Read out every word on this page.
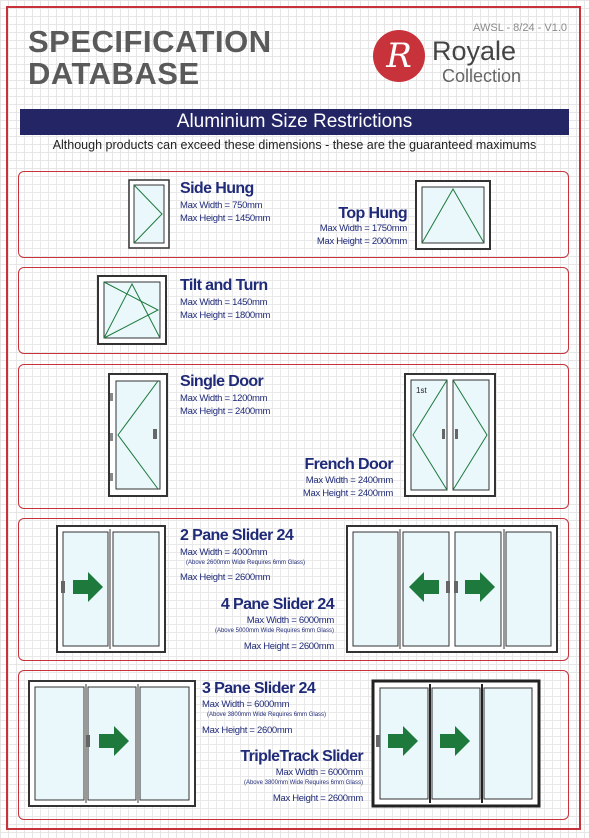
SPECIFICATION
DATABASE
AWSL - 8/24 - V1.0
R Royale
Collection
Aluminium Size Restrictions
Although products can exceed these dimensions - these are the guaranteed maximums
Side Hung
Max Width = 750mm
Max Height = 1450mm	Top Hung
Max Width = 1750mm
Max Height = 2000mm
Tilt and Turn
Max Width = 1450mm
Max Height = 1800mm
Single Door
Max Width = 1200mm
Max Height = 2400mm
French Door
Max Width = 2400mm
Max Height = 2400mm
1st
2 Pane Slider 24
Max Width = 4000mm
(Above 2600mm Wide Requires 6mm Glass)
Max Height = 2600mm
4 Pane Slider 24
Max Width = 6000mm
(Above 5000mm Wide Requires 6mm Glass)
Max Height = 2600mm
3 Pane Slider 24
Max Width = 6000mm
(Above 3800mm Wide Requires 6mm Glass)
Max Height = 2600mm
TripleTrack Slider
Max Width = 6000mm
(Above 3800mm Wide Requires 6mm Glass)
Max Height = 2600mm
